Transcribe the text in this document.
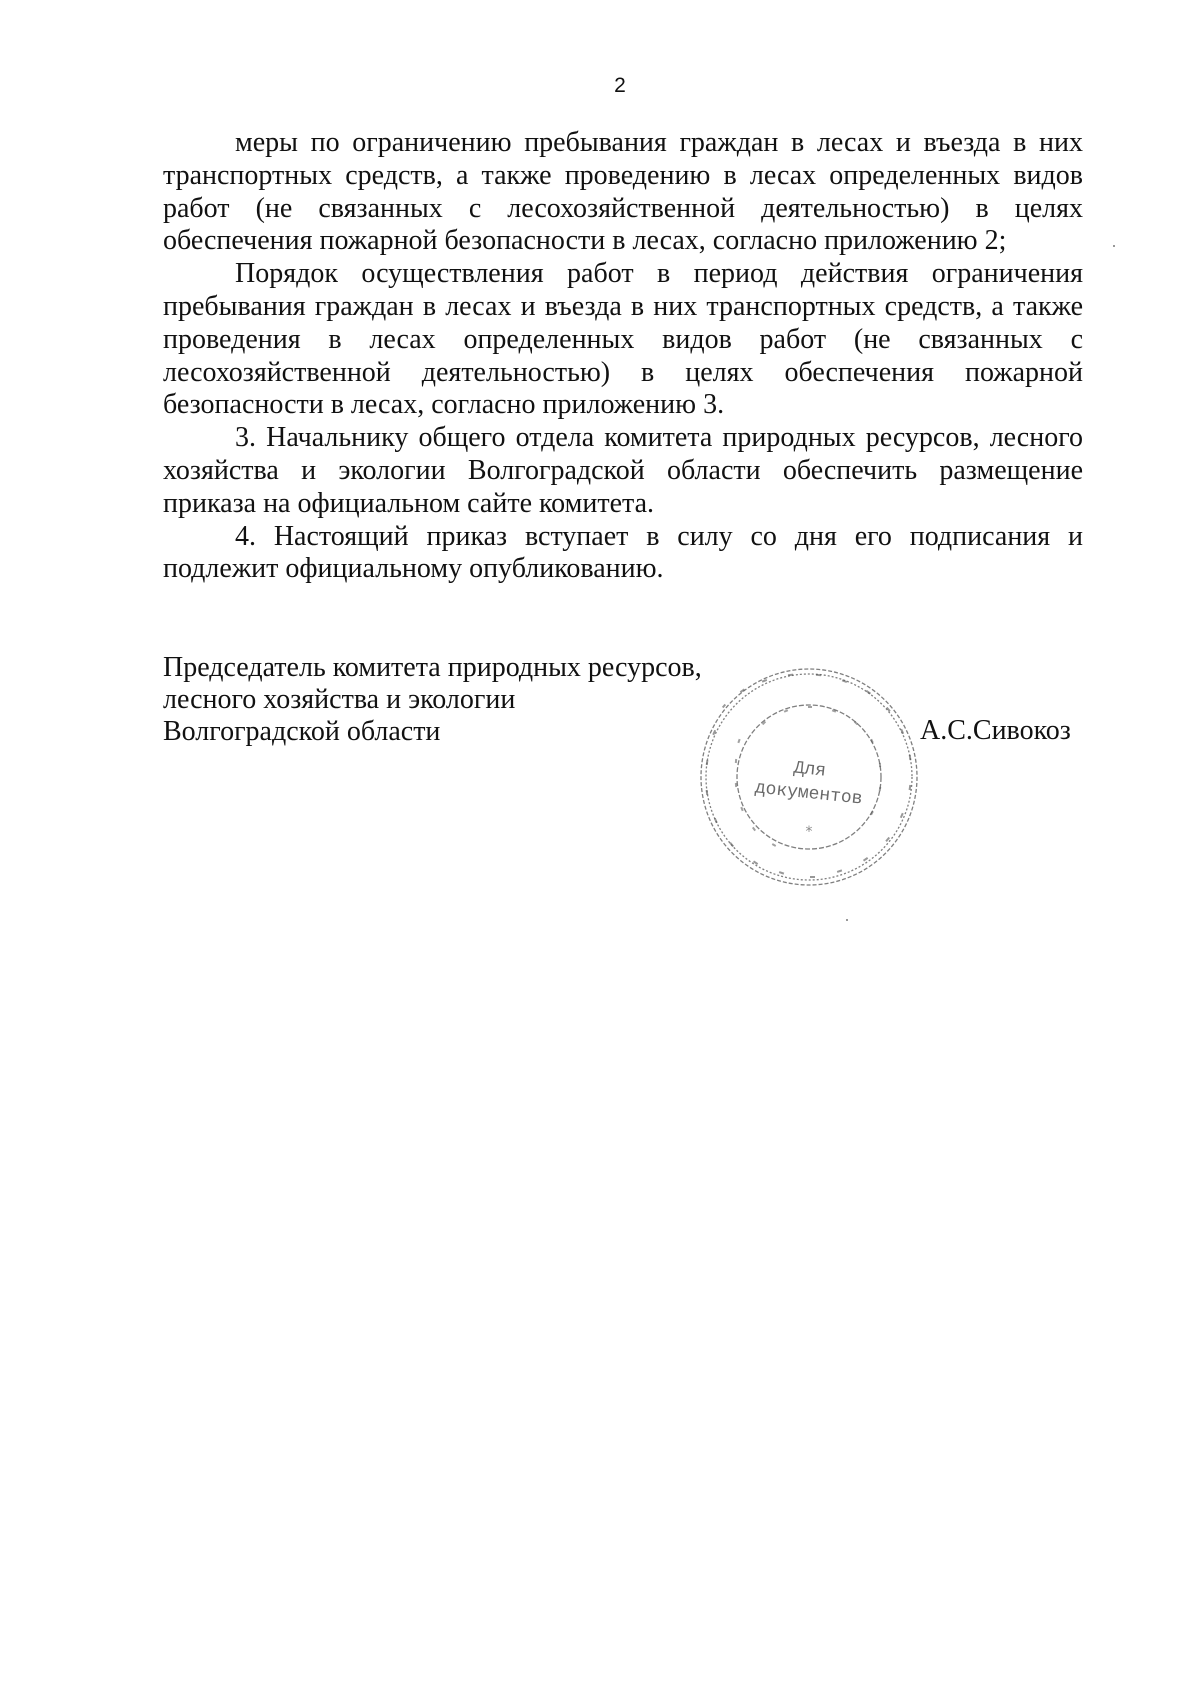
2

меры по ограничению пребывания граждан в лесах и въезда в них транспортных средств, а также проведению в лесах определенных видов работ (не связанных с лесохозяйственной деятельностью) в целях обеспечения пожарной безопасности в лесах, согласно приложению 2;

Порядок осуществления работ в период действия ограничения пребывания граждан в лесах и въезда в них транспортных средств, а также проведения в лесах определенных видов работ (не связанных с лесохозяйственной деятельностью) в целях обеспечения пожарной безопасности в лесах, согласно приложению 3.

3. Начальнику общего отдела комитета природных ресурсов, лесного хозяйства и экологии Волгоградской области обеспечить размещение приказа на официальном сайте комитета.

4. Настоящий приказ вступает в силу со дня его подписания и подлежит официальному опубликованию.

Председатель комитета природных ресурсов,
лесного хозяйства и экологии
Волгоградской области
Для
документов
*
А.С.Сивокоз
